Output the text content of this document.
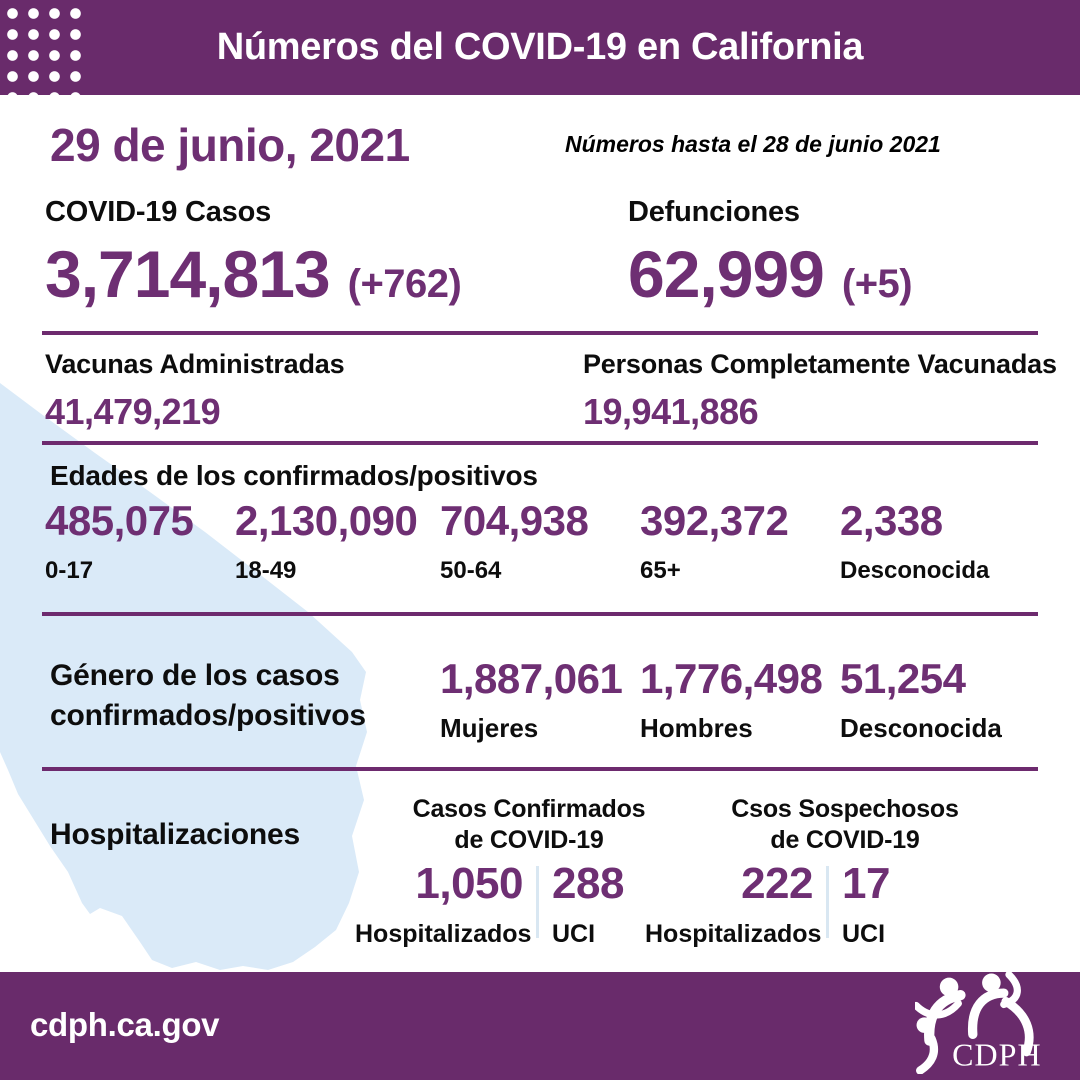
29 de junio, 2021	Números hasta el 28 de junio 2021
COVID-19 Casos
3,714,813 (+762)
Defunciones
62,999 (+5)
Vacunas Administradas
41,479,219
Personas Completamente Vacunadas
19,941,886
Edades de los confirmados/positivos
485,075
0-17
2,130,090
18-49
704,938
50-64
392,372
65+
2,338
Desconocida
Género de los casos
confirmados/positivos
1,887,061
Mujeres
1,776,498
Hombres
51,254
Desconocida
Hospitalizaciones
Casos Confirmados
de COVID-19
Csos Sospechosos
de COVID-19
1,050
Hospitalizados
288
UCI
222
Hospitalizados
17
UCI
Números del COVID-19 en California
cdph.ca.gov
CDPH
